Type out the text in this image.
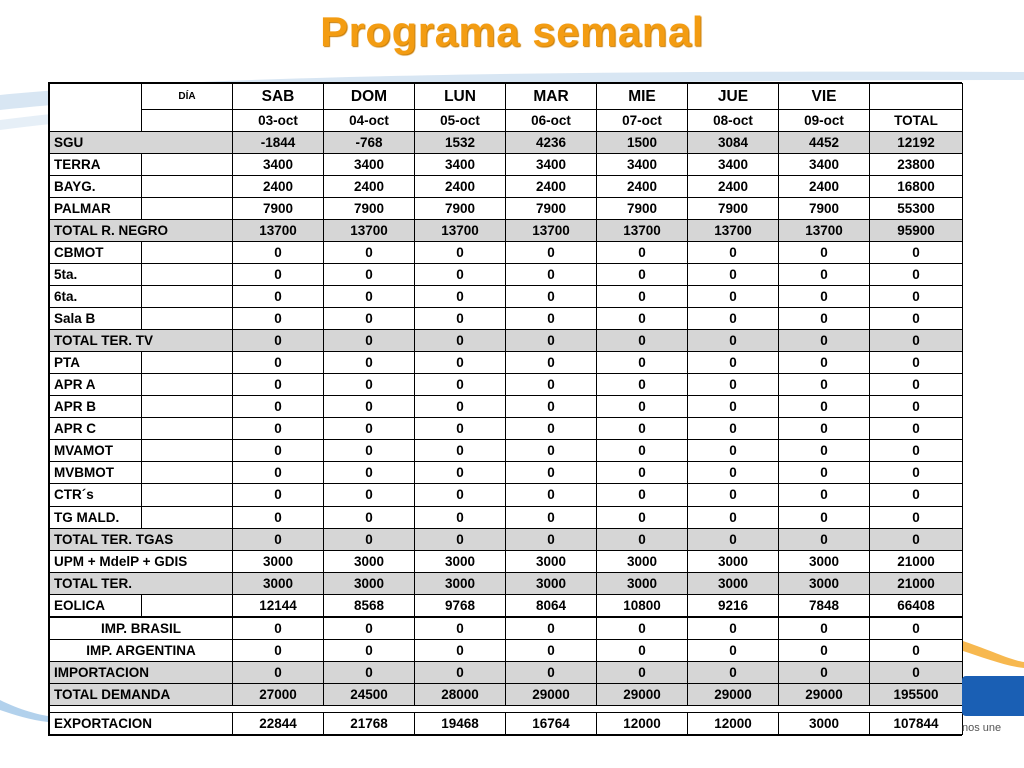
Programa semanal
	DÍA	SAB	DOM	LUN	MAR	MIE	JUE	VIE	
		03-oct	04-oct	05-oct	06-oct	07-oct	08-oct	09-oct	TOTAL
SGU		-1844	-768	1532	4236	1500	3084	4452	12192
TERRA		3400	3400	3400	3400	3400	3400	3400	23800
BAYG.		2400	2400	2400	2400	2400	2400	2400	16800
PALMAR		7900	7900	7900	7900	7900	7900	7900	55300
TOTAL R. NEGRO		13700	13700	13700	13700	13700	13700	13700	95900
CBMOT		0	0	0	0	0	0	0	0
5ta.		0	0	0	0	0	0	0	0
6ta.		0	0	0	0	0	0	0	0
Sala B		0	0	0	0	0	0	0	0
TOTAL TER. TV		0	0	0	0	0	0	0	0
PTA		0	0	0	0	0	0	0	0
APR A		0	0	0	0	0	0	0	0
APR B		0	0	0	0	0	0	0	0
APR C		0	0	0	0	0	0	0	0
MVAMOT		0	0	0	0	0	0	0	0
MVBMOT		0	0	0	0	0	0	0	0
CTR´s		0	0	0	0	0	0	0	0
TG MALD.		0	0	0	0	0	0	0	0
TOTAL TER. TGAS		0	0	0	0	0	0	0	0
UPM + MdelP + GDIS		3000	3000	3000	3000	3000	3000	3000	21000
TOTAL TER.		3000	3000	3000	3000	3000	3000	3000	21000
EOLICA		12144	8568	9768	8064	10800	9216	7848	66408

IMP. BRASIL		0	0	0	0	0	0	0	0
IMP. ARGENTINA		0	0	0	0	0	0	0	0
IMPORTACION		0	0	0	0	0	0	0	0
TOTAL DEMANDA		27000	24500	28000	29000	29000	29000	29000	195500

EXPORTACION		22844	21768	19468	16764	12000	12000	3000	107844 nos une
